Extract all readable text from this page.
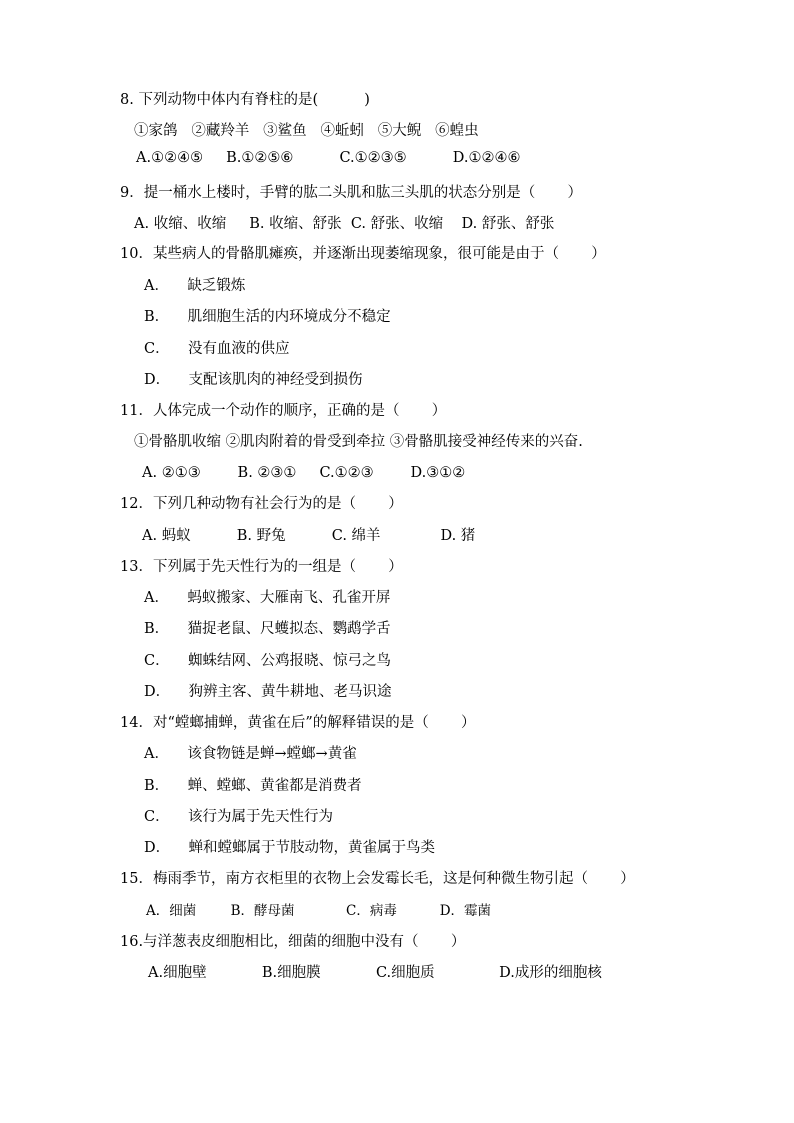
8. 下列动物中体内有脊柱的是(          )
①家鸽   ②藏羚羊   ③鲨鱼   ④蚯蚓   ⑤大鲵   ⑥蝗虫
A.①②④⑤     B.①②⑤⑥          C.①②③⑤          D.①②④⑥
9．提一桶水上楼时，手臂的肱二头肌和肱三头肌的状态分别是（       ）
A. 收缩、收缩     B. 收缩、舒张  C. 舒张、收缩    D. 舒张、舒张
10．某些病人的骨骼肌瘫痪，并逐渐出现萎缩现象，很可能是由于（       ）
A．    缺乏锻炼
B．    肌细胞生活的内环境成分不稳定
C．    没有血液的供应
D．    支配该肌肉的神经受到损伤
11．人体完成一个动作的顺序，正确的是（       ）
①骨骼肌收缩 ②肌肉附着的骨受到牵拉 ③骨骼肌接受神经传来的兴奋.
A. ②①③        B. ②③①     C.①②③        D.③①②
12．下列几种动物有社会行为的是（       ）
A. 蚂蚁          B. 野兔          C. 绵羊             D. 猪
13．下列属于先天性行为的一组是（       ）
A．    蚂蚁搬家、大雁南飞、孔雀开屏
B．    猫捉老鼠、尺蠖拟态、鹦鹉学舌
C．    蜘蛛结网、公鸡报晓、惊弓之鸟
D．    狗辨主客、黄牛耕地、老马识途
14．对“螳螂捕蝉，黄雀在后”的解释错误的是（       ）
A．    该食物链是蝉→螳螂→黄雀
B．    蝉、螳螂、黄雀都是消费者
C．    该行为属于先天性行为
D．    蝉和螳螂属于节肢动物，黄雀属于鸟类
15．梅雨季节，南方衣柜里的衣物上会发霉长毛，这是何种微生物引起（       ）
A．细菌        B．酵母菌            C．病毒          D．霉菌
16.与洋葱表皮细胞相比，细菌的细胞中没有（       ）
A.细胞壁            B.细胞膜            C.细胞质              D.成形的细胞核
